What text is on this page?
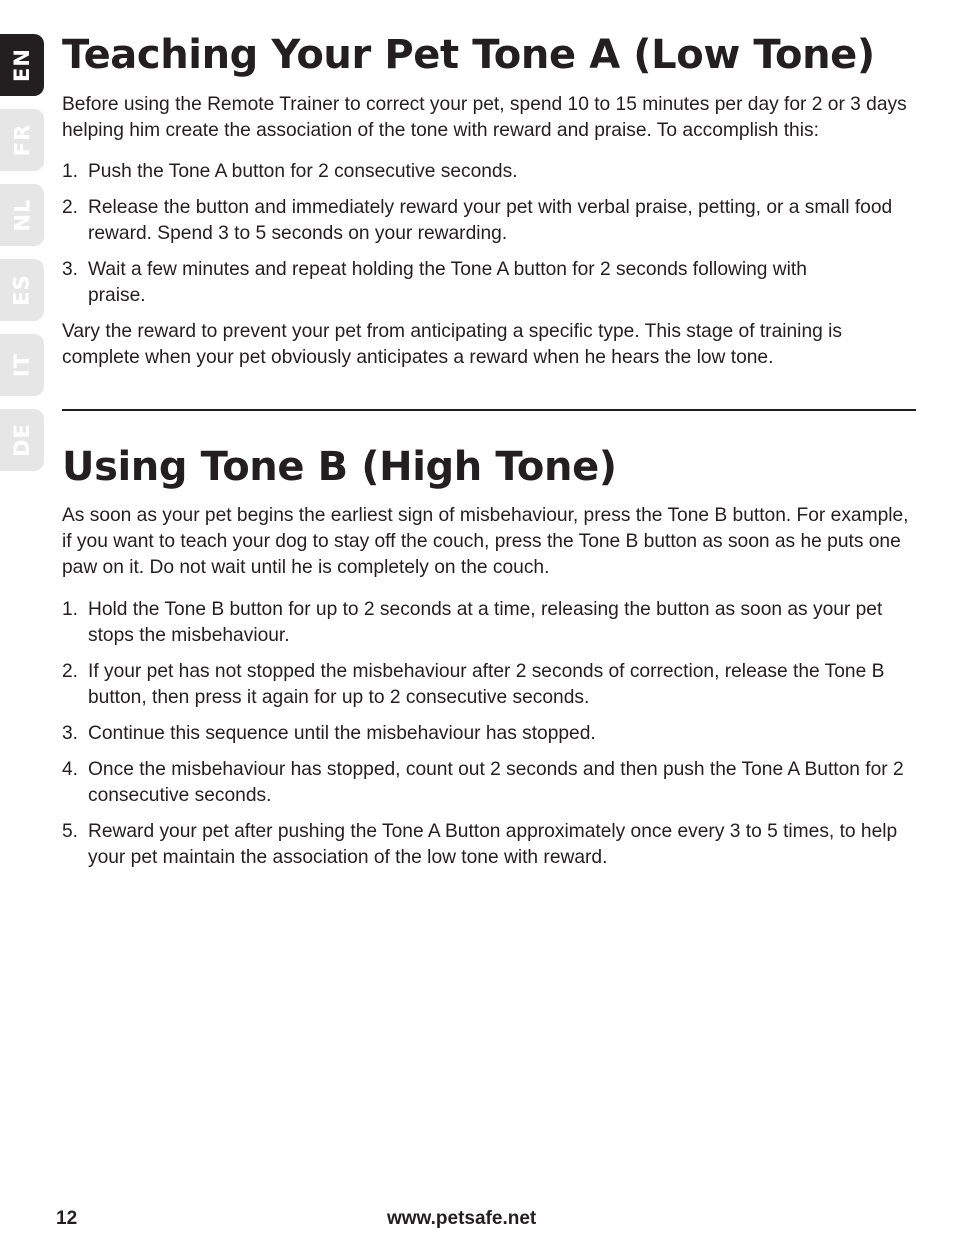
EN
FR
NL
ES
IT
DE
Teaching Your Pet Tone A (Low Tone)

Before using the Remote Trainer to correct your pet, spend 10 to 15 minutes per day for 2 or 3 days helping him create the association of the tone with reward and praise. To accomplish this:

1. Push the Tone A button for 2 consecutive seconds.
2. Release the button and immediately reward your pet with verbal praise, petting, or a small food reward. Spend 3 to 5 seconds on your rewarding.
3. Wait a few minutes and repeat holding the Tone A button for 2 seconds following with praise.

Vary the reward to prevent your pet from anticipating a specific type. This stage of training is complete when your pet obviously anticipates a reward when he hears the low tone.

Using Tone B (High Tone)

As soon as your pet begins the earliest sign of misbehaviour, press the Tone B button. For example, if you want to teach your dog to stay off the couch, press the Tone B button as soon as he puts one paw on it. Do not wait until he is completely on the couch.

1. Hold the Tone B button for up to 2 seconds at a time, releasing the button as soon as your pet stops the misbehaviour.
2. If your pet has not stopped the misbehaviour after 2 seconds of correction, release the Tone B button, then press it again for up to 2 consecutive seconds.
3. Continue this sequence until the misbehaviour has stopped.
4. Once the misbehaviour has stopped, count out 2 seconds and then push the Tone A Button for 2 consecutive seconds.
5. Reward your pet after pushing the Tone A Button approximately once every 3 to 5 times, to help your pet maintain the association of the low tone with reward.
12	www.petsafe.net
